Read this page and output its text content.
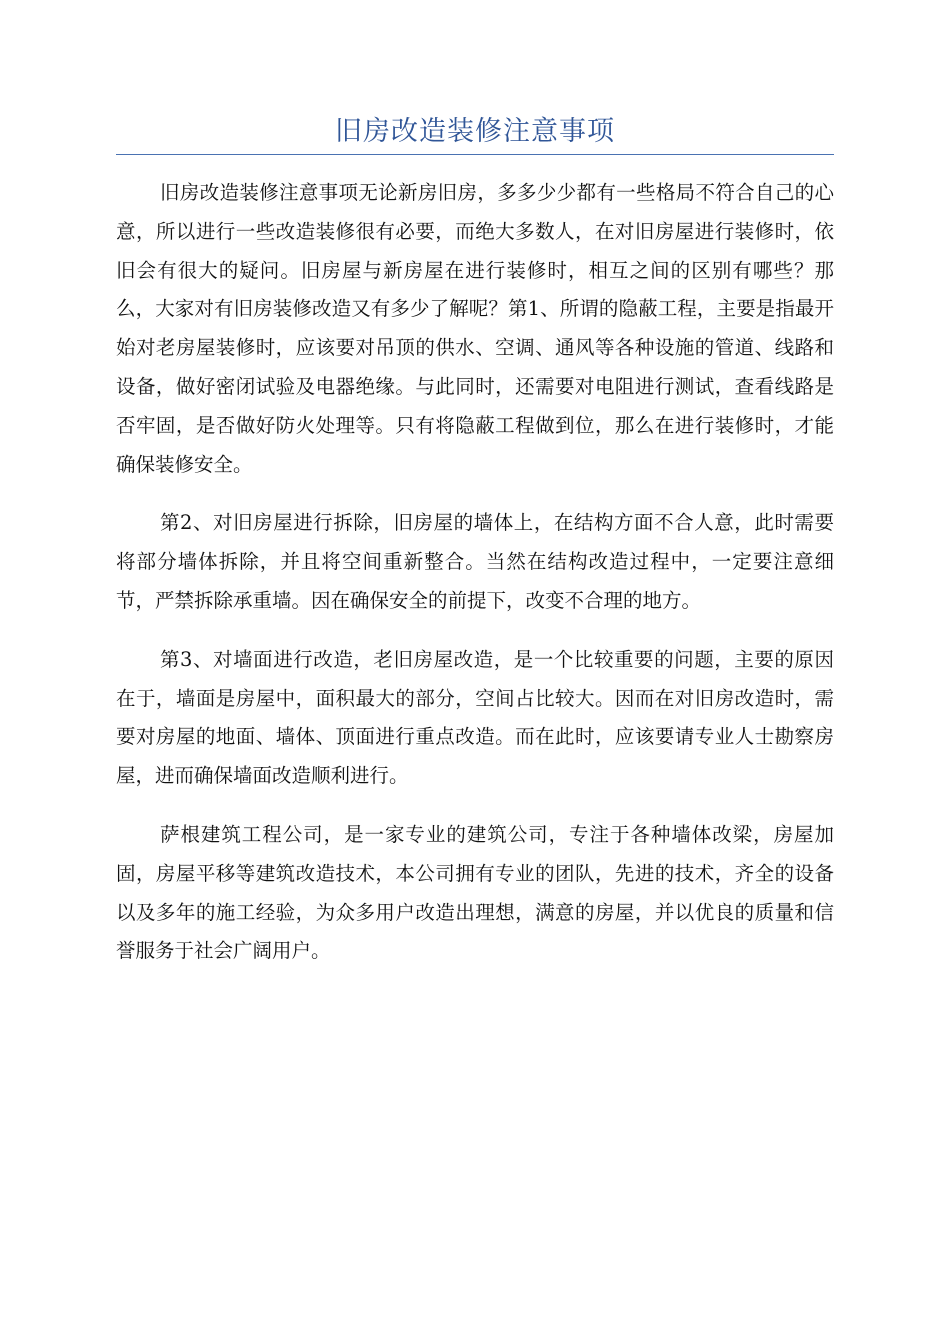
旧房改造装修注意事项

旧房改造装修注意事项无论新房旧房，多多少少都有一些格局不符合自己的心意，所以进行一些改造装修很有必要，而绝大多数人，在对旧房屋进行装修时，依旧会有很大的疑问。旧房屋与新房屋在进行装修时，相互之间的区别有哪些？那么，大家对有旧房装修改造又有多少了解呢？第1、所谓的隐蔽工程，主要是指最开始对老房屋装修时，应该要对吊顶的供水、空调、通风等各种设施的管道、线路和设备，做好密闭试验及电器绝缘。与此同时，还需要对电阻进行测试，查看线路是否牢固，是否做好防火处理等。只有将隐蔽工程做到位，那么在进行装修时，才能确保装修安全。

第2、对旧房屋进行拆除，旧房屋的墙体上，在结构方面不合人意，此时需要将部分墙体拆除，并且将空间重新整合。当然在结构改造过程中，一定要注意细节，严禁拆除承重墙。因在确保安全的前提下，改变不合理的地方。

第3、对墙面进行改造，老旧房屋改造，是一个比较重要的问题，主要的原因在于，墙面是房屋中，面积最大的部分，空间占比较大。因而在对旧房改造时，需要对房屋的地面、墙体、顶面进行重点改造。而在此时，应该要请专业人士勘察房屋，进而确保墙面改造顺利进行。

萨根建筑工程公司，是一家专业的建筑公司，专注于各种墙体改梁，房屋加固，房屋平移等建筑改造技术，本公司拥有专业的团队，先进的技术，齐全的设备以及多年的施工经验，为众多用户改造出理想，满意的房屋，并以优良的质量和信誉服务于社会广阔用户。
